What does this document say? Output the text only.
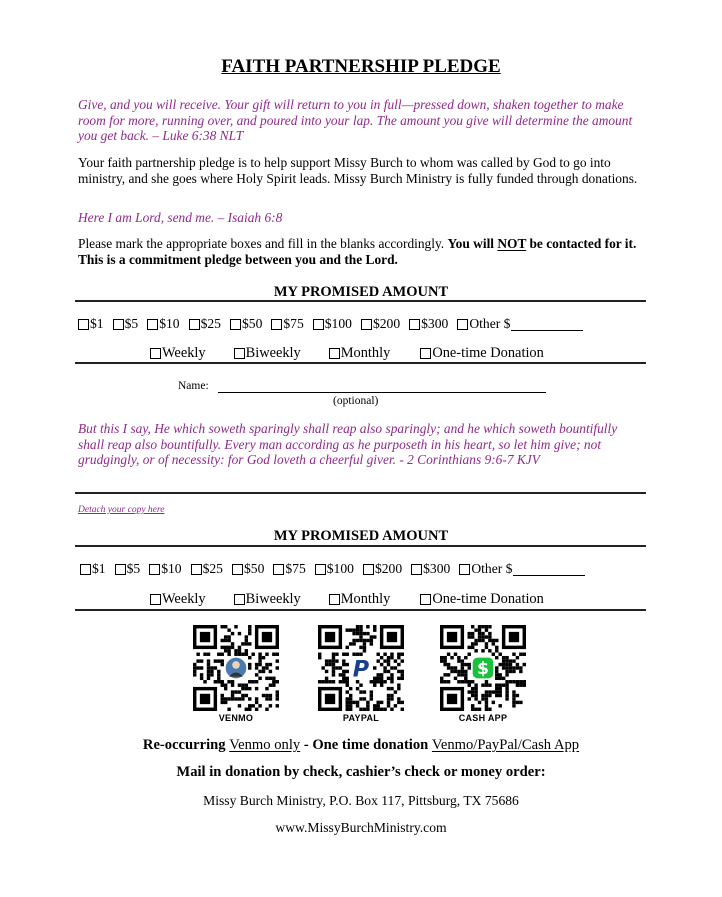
FAITH PARTNERSHIP PLEDGE
Give, and you will receive. Your gift will return to you in full—pressed down, shaken together to make room for more, running over, and poured into your lap. The amount you give will determine the amount you get back. – Luke 6:38 NLT
Your faith partnership pledge is to help support Missy Burch to whom was called by God to go into ministry, and she goes where Holy Spirit leads. Missy Burch Ministry is fully funded through donations.
Here I am Lord, send me. – Isaiah 6:8
Please mark the appropriate boxes and fill in the blanks accordingly. You will NOT be contacted for it. This is a commitment pledge between you and the Lord.
MY PROMISED AMOUNT
$1 $5 $10 $25 $50 $75 $100 $200 $300 Other $
Weekly	Biweekly	Monthly	One-time Donation
Name:
(optional)
But this I say, He which soweth sparingly shall reap also sparingly; and he which soweth bountifully shall reap also bountifully. Every man according as he purposeth in his heart, so let him give; not grudgingly, or of necessity: for God loveth a cheerful giver. - 2 Corinthians 9:6-7 KJV
Detach your copy here
MY PROMISED AMOUNT
$1 $5 $10 $25 $50 $75 $100 $200 $300 Other $
Weekly	Biweekly	Monthly	One-time Donation
VENMO
P
PAYPAL
$
CASH APP
Re-occurring Venmo only - One time donation Venmo/PayPal/Cash App
Mail in donation by check, cashier’s check or money order:
Missy Burch Ministry, P.O. Box 117, Pittsburg, TX 75686
www.MissyBurchMinistry.com
